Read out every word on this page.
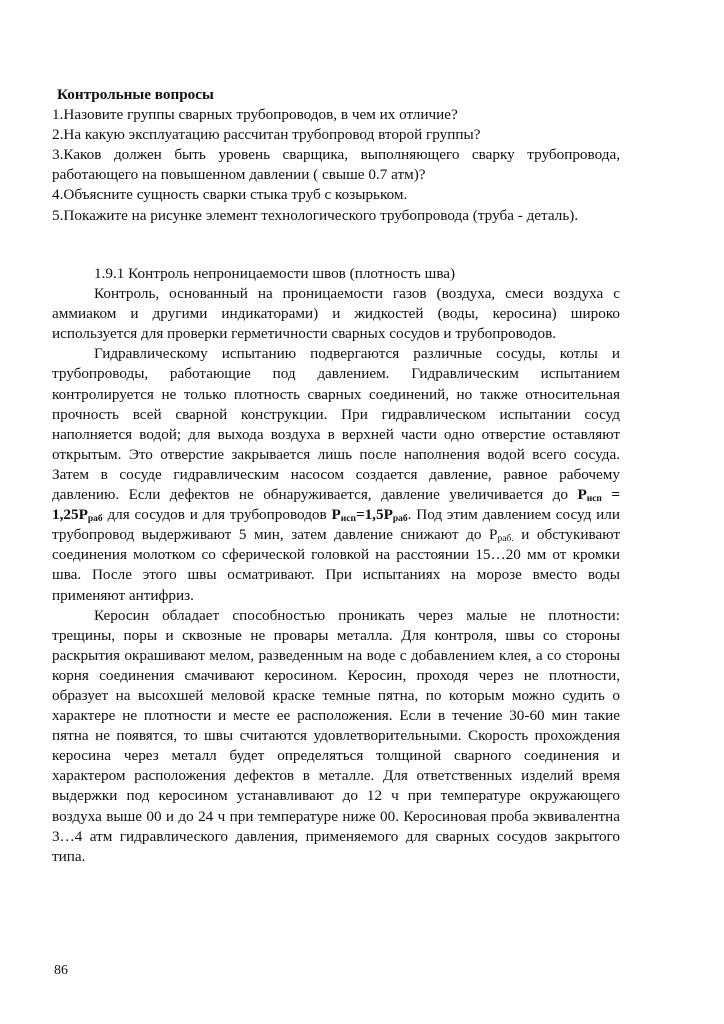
Контрольные вопросы
1.Назовите группы сварных трубопроводов, в чем их отличие?
2.На какую эксплуатацию рассчитан трубопровод второй группы?
3.Каков должен быть уровень сварщика, выполняющего сварку трубопровода, работающего на повышенном давлении ( свыше 0.7 атм)?
4.Объясните сущность сварки стыка труб с козырьком.
5.Покажите на рисунке элемент технологического трубопровода (труба - деталь).
1.9.1 Контроль непроницаемости швов (плотность шва)
Контроль, основанный на проницаемости газов (воздуха, смеси воздуха с аммиаком и другими индикаторами) и жидкостей (воды, керосина) широко используется для проверки герметичности сварных сосудов и трубопроводов.
Гидравлическому испытанию подвергаются различные сосуды, котлы и трубопроводы, работающие под давлением. Гидравлическим испытанием контролируется не только плотность сварных соединений, но также относительная прочность всей сварной конструкции. При гидравлическом испытании сосуд наполняется водой; для выхода воздуха в верхней части одно отверстие оставляют открытым. Это отверстие закрывается лишь после наполнения водой всего сосуда. Затем в сосуде гидравлическим насосом создается давление, равное рабочему давлению. Если дефектов не обнаруживается, давление увеличивается до $P_{исп} = 1,25P_{раб}$ для сосудов и для трубопроводов $P_{исп}=1,5P_{раб}$. Под этим давлением сосуд или трубопровод выдерживают 5 мин, затем давление снижают до $P_{раб.}$ и обстукивают соединения молотком со сферической головкой на расстоянии 15…20 мм от кромки шва. После этого швы осматривают. При испытаниях на морозе вместо воды применяют антифриз.
Керосин обладает способностью проникать через малые не плотности: трещины, поры и сквозные не провары металла. Для контроля, швы со стороны раскрытия окрашивают мелом, разведенным на воде с добавлением клея, а со стороны корня соединения смачивают керосином. Керосин, проходя через не плотности, образует на высохшей меловой краске темные пятна, по которым можно судить о характере не плотности и месте ее расположения. Если в течение 30-60 мин такие пятна не появятся, то швы считаются удовлетворительными. Скорость прохождения керосина через металл будет определяться толщиной сварного соединения и характером расположения дефектов в металле. Для ответственных изделий время выдержки под керосином устанавливают до 12 ч при температуре окружающего воздуха выше 00 и до 24 ч при температуре ниже 00. Керосиновая проба эквивалентна 3…4 атм гидравлического давления, применяемого для сварных сосудов закрытого типа.
86
